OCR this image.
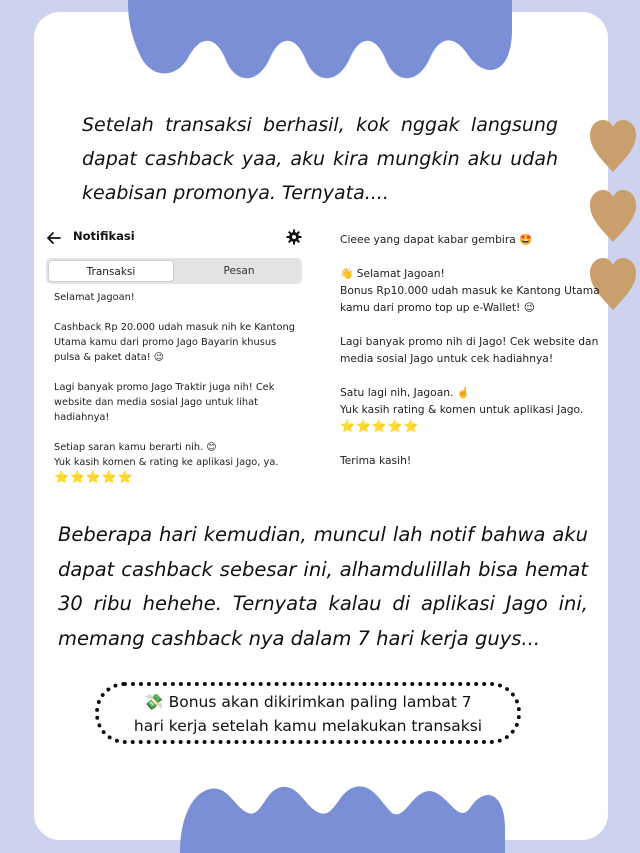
Setelah transaksi berhasil, kok nggak langsung dapat cashback yaa, aku kira mungkin aku udah keabisan promonya. Ternyata....
Notifikasi
Transaksi	Pesan

Selamat Jagoan!

Cashback Rp 20.000 udah masuk nih ke Kantong Utama kamu dari promo Jago Bayarin khusus pulsa & paket data! 😉

Lagi banyak promo Jago Traktir juga nih! Cek website dan media sosial Jago untuk lihat hadiahnya!

Setiap saran kamu berarti nih. 😊
Yuk kasih komen & rating ke aplikasi Jago, ya.
⭐⭐⭐⭐⭐

Cieee yang dapat kabar gembira 🤩

👋 Selamat Jagoan!

Bonus Rp10.000 udah masuk ke Kantong Utama kamu dari promo top up e-Wallet! 😉

Lagi banyak promo nih di Jago! Cek website dan media sosial Jago untuk cek hadiahnya!

Satu lagi nih, Jagoan. ☝️
Yuk kasih rating & komen untuk aplikasi Jago.

⭐⭐⭐⭐⭐

Terima kasih!
Beberapa hari kemudian, muncul lah notif bahwa aku dapat cashback sebesar ini, alhamdulillah bisa hemat 30 ribu hehehe. Ternyata kalau di aplikasi Jago ini, memang cashback nya dalam 7 hari kerja guys...
💸 Bonus akan dikirimkan paling lambat 7
hari kerja setelah kamu melakukan transaksi
